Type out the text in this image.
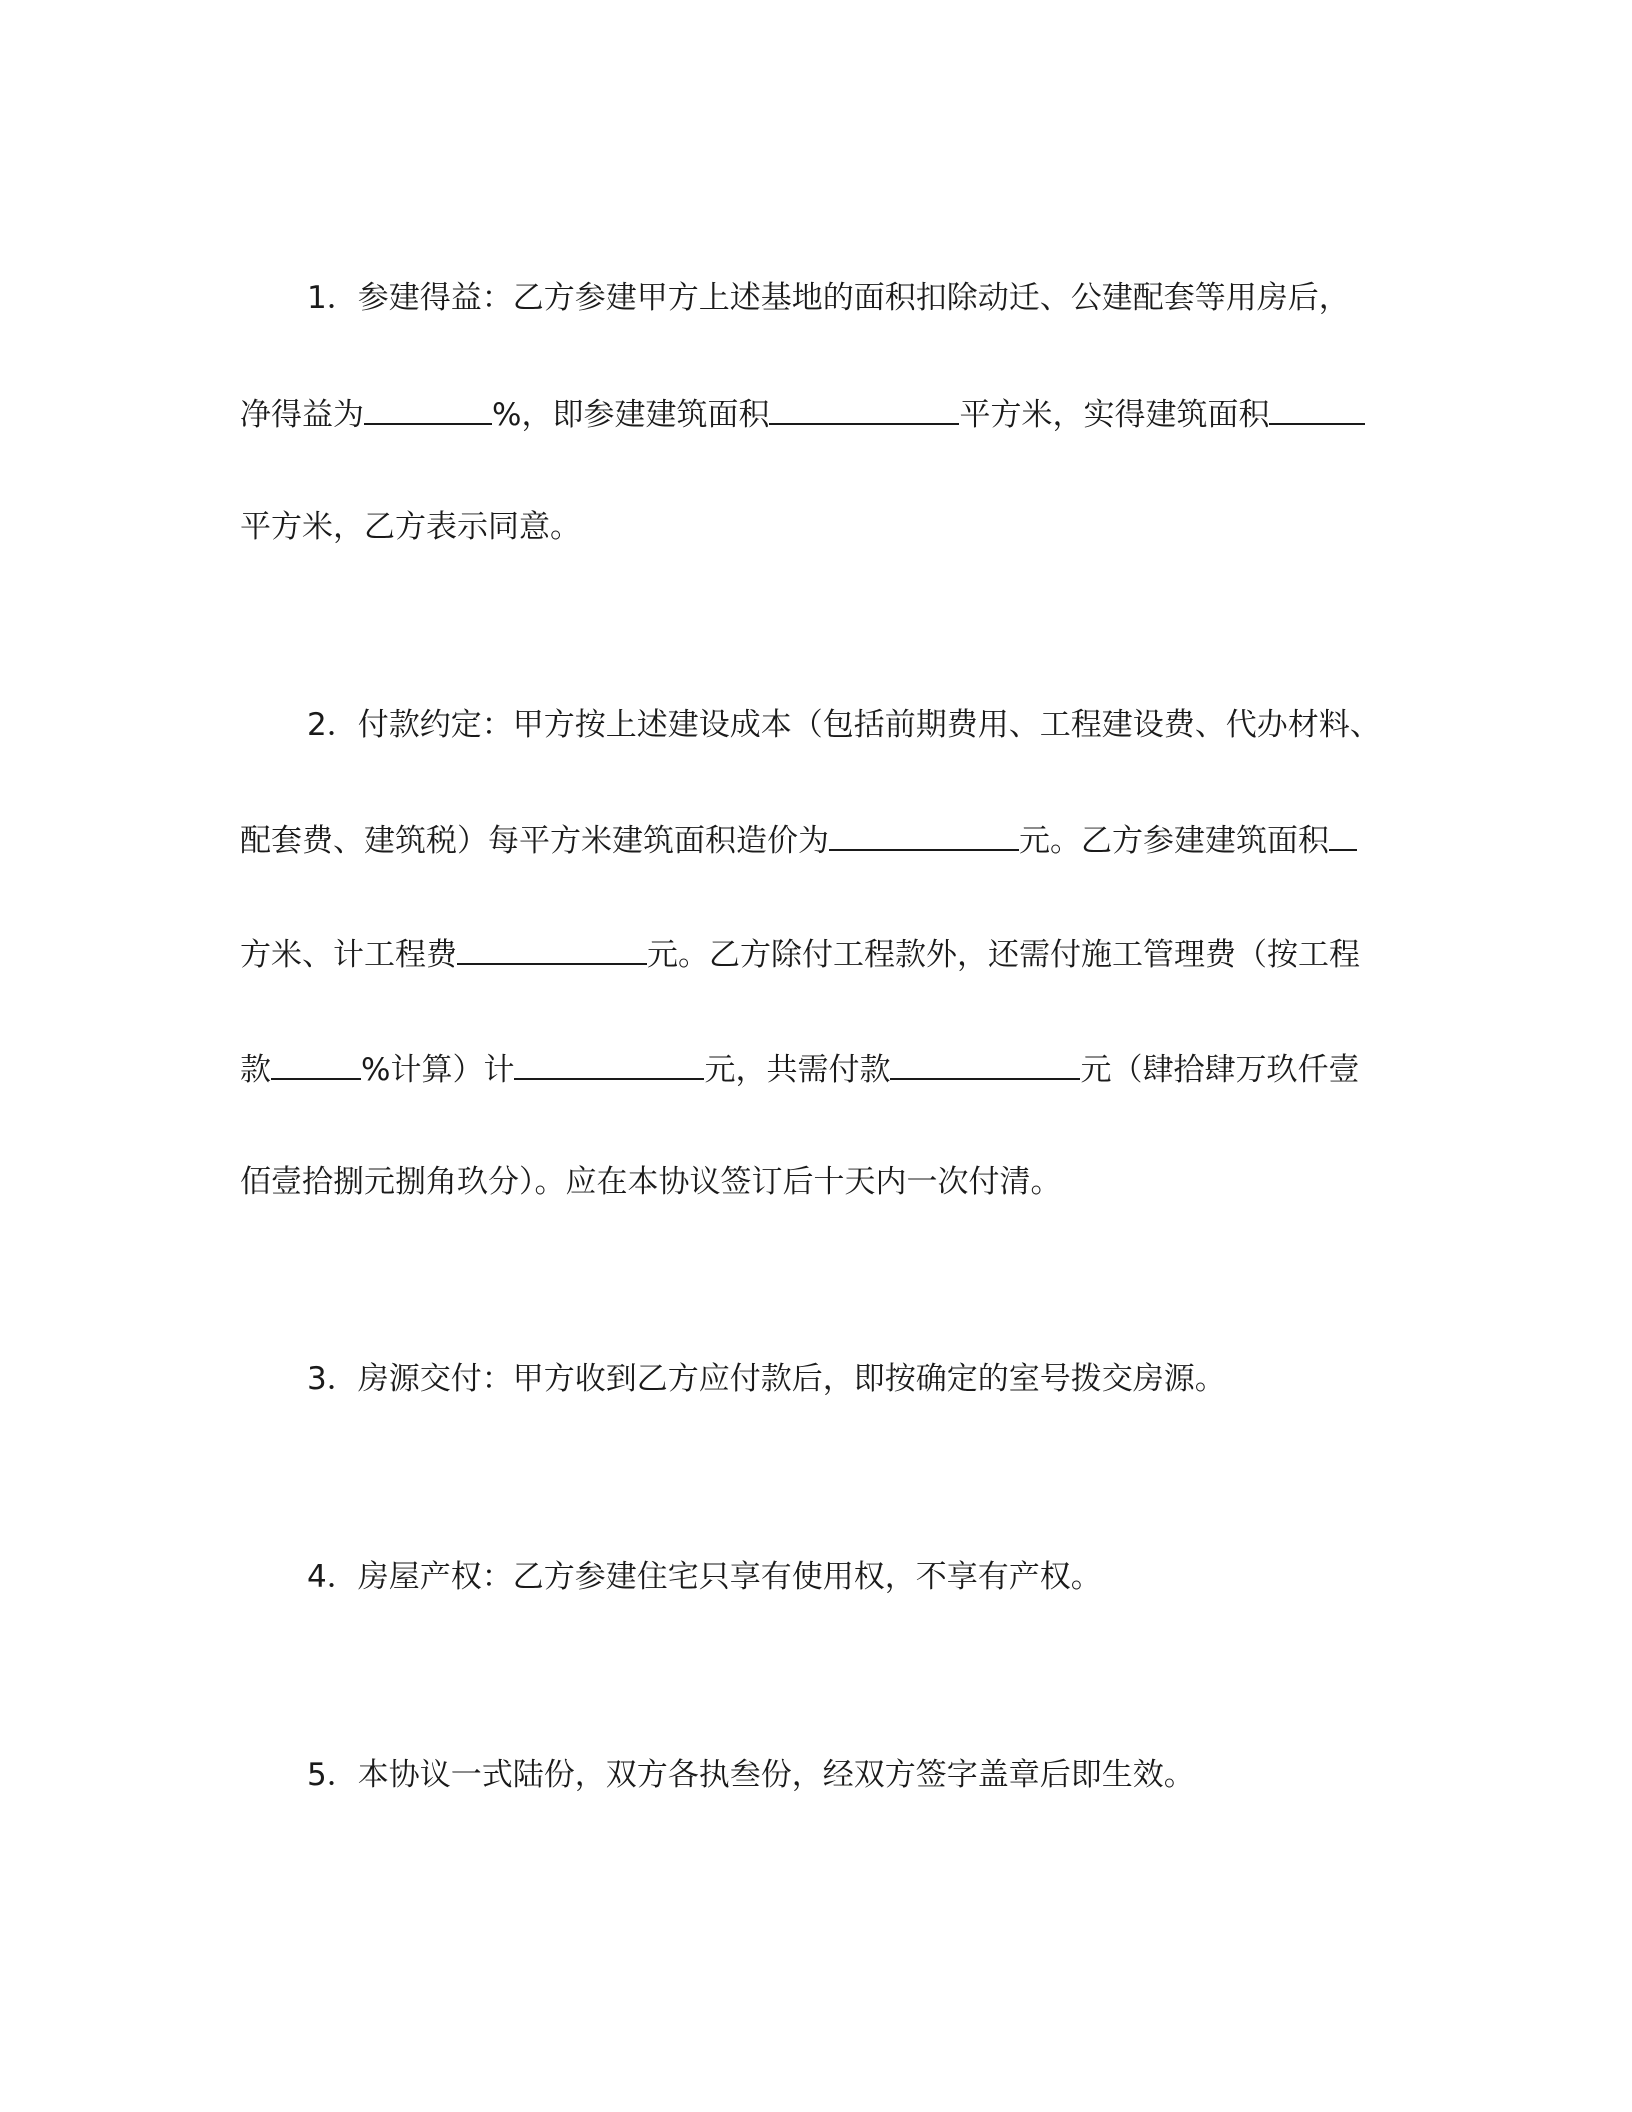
1．参建得益：乙方参建甲方上述基地的面积扣除动迁、公建配套等用房后，
净得益为	%，即参建建筑面积	平方米，实得建筑面积
平方米，乙方表示同意。
2．付款约定：甲方按上述建设成本（包括前期费用、工程建设费、代办材料、
配套费、建筑税）每平方米建筑面积造价为	元。乙方参建建筑面积
方米、计工程费	元。乙方除付工程款外，还需付施工管理费（按工程
款	%计算）计	元，共需付款	元（肆拾肆万玖仟壹
佰壹拾捌元捌角玖分）。应在本协议签订后十天内一次付清。
3．房源交付：甲方收到乙方应付款后，即按确定的室号拨交房源。
4．房屋产权：乙方参建住宅只享有使用权，不享有产权。
5．本协议一式陆份，双方各执叁份，经双方签字盖章后即生效。
